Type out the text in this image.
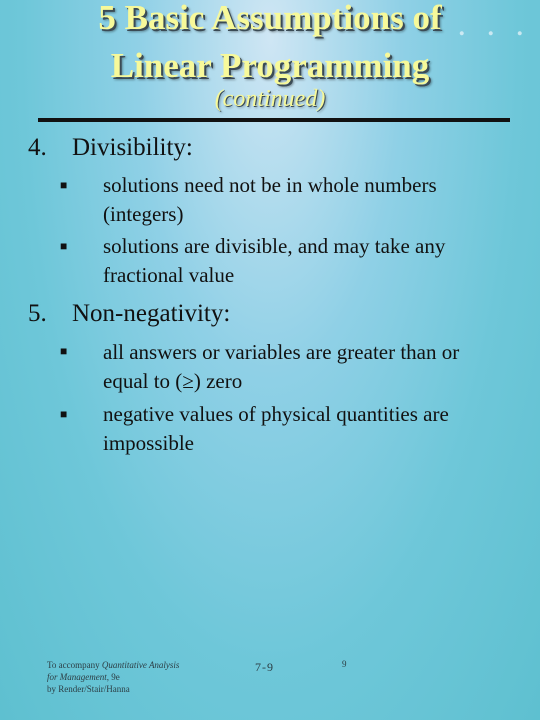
. . .
5 Basic Assumptions of
Linear Programming
(continued)
4. Divisibility:
■ solutions need not be in whole numbers
(integers)
■ solutions are divisible, and may take any
fractional value
5. Non-negativity:
■ all answers or variables are greater than or
equal to (≥) zero
■ negative values of physical quantities are
impossible
To accompany Quantitative Analysis
for Management, 9e
by Render/Stair/Hanna
7-9	9
